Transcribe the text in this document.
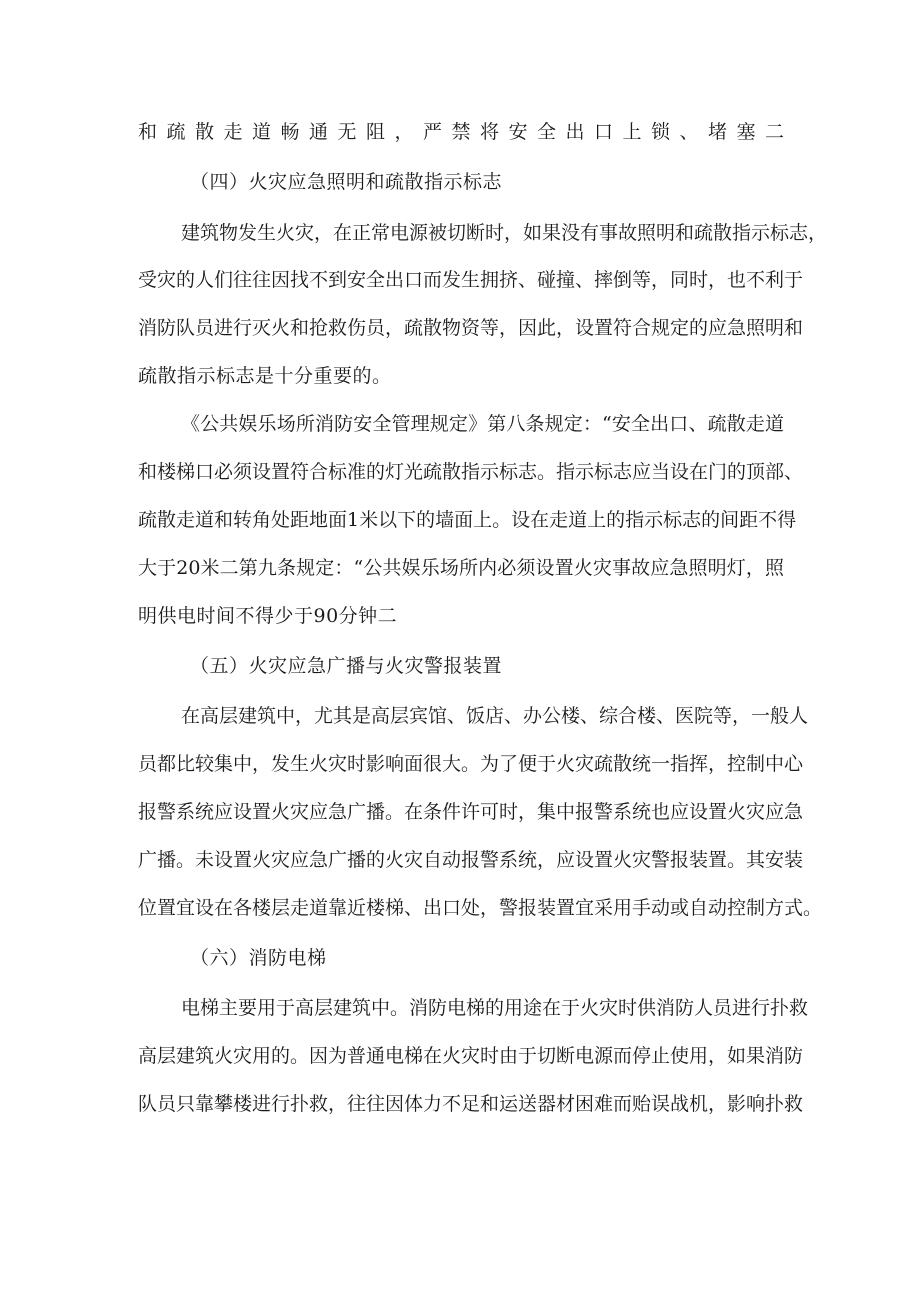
和疏散走道畅通无阻，严禁将安全出口上锁、堵塞二
（四）火灾应急照明和疏散指示标志
建筑物发生火灾，在正常电源被切断时，如果没有事故照明和疏散指示标志，
受灾的人们往往因找不到安全出口而发生拥挤、碰撞、摔倒等，同时，也不利于
消防队员进行灭火和抢救伤员，疏散物资等，因此，设置符合规定的应急照明和
疏散指示标志是十分重要的。
《公共娱乐场所消防安全管理规定》第八条规定：“安全出口、疏散走道
和楼梯口必须设置符合标准的灯光疏散指示标志。指示标志应当设在门的顶部、
疏散走道和转角处距地面1米以下的墙面上。设在走道上的指示标志的间距不得
大于20米二第九条规定：“公共娱乐场所内必须设置火灾事故应急照明灯，照
明供电时间不得少于90分钟二
（五）火灾应急广播与火灾警报装置
在高层建筑中，尤其是高层宾馆、饭店、办公楼、综合楼、医院等，一般人
员都比较集中，发生火灾时影响面很大。为了便于火灾疏散统一指挥，控制中心
报警系统应设置火灾应急广播。在条件许可时，集中报警系统也应设置火灾应急
广播。未设置火灾应急广播的火灾自动报警系统，应设置火灾警报装置。其安装
位置宜设在各楼层走道靠近楼梯、出口处，警报装置宜采用手动或自动控制方式。
（六）消防电梯
电梯主要用于高层建筑中。消防电梯的用途在于火灾时供消防人员进行扑救
高层建筑火灾用的。因为普通电梯在火灾时由于切断电源而停止使用，如果消防
队员只靠攀楼进行扑救，往往因体力不足和运送器材困难而贻误战机，影响扑救
